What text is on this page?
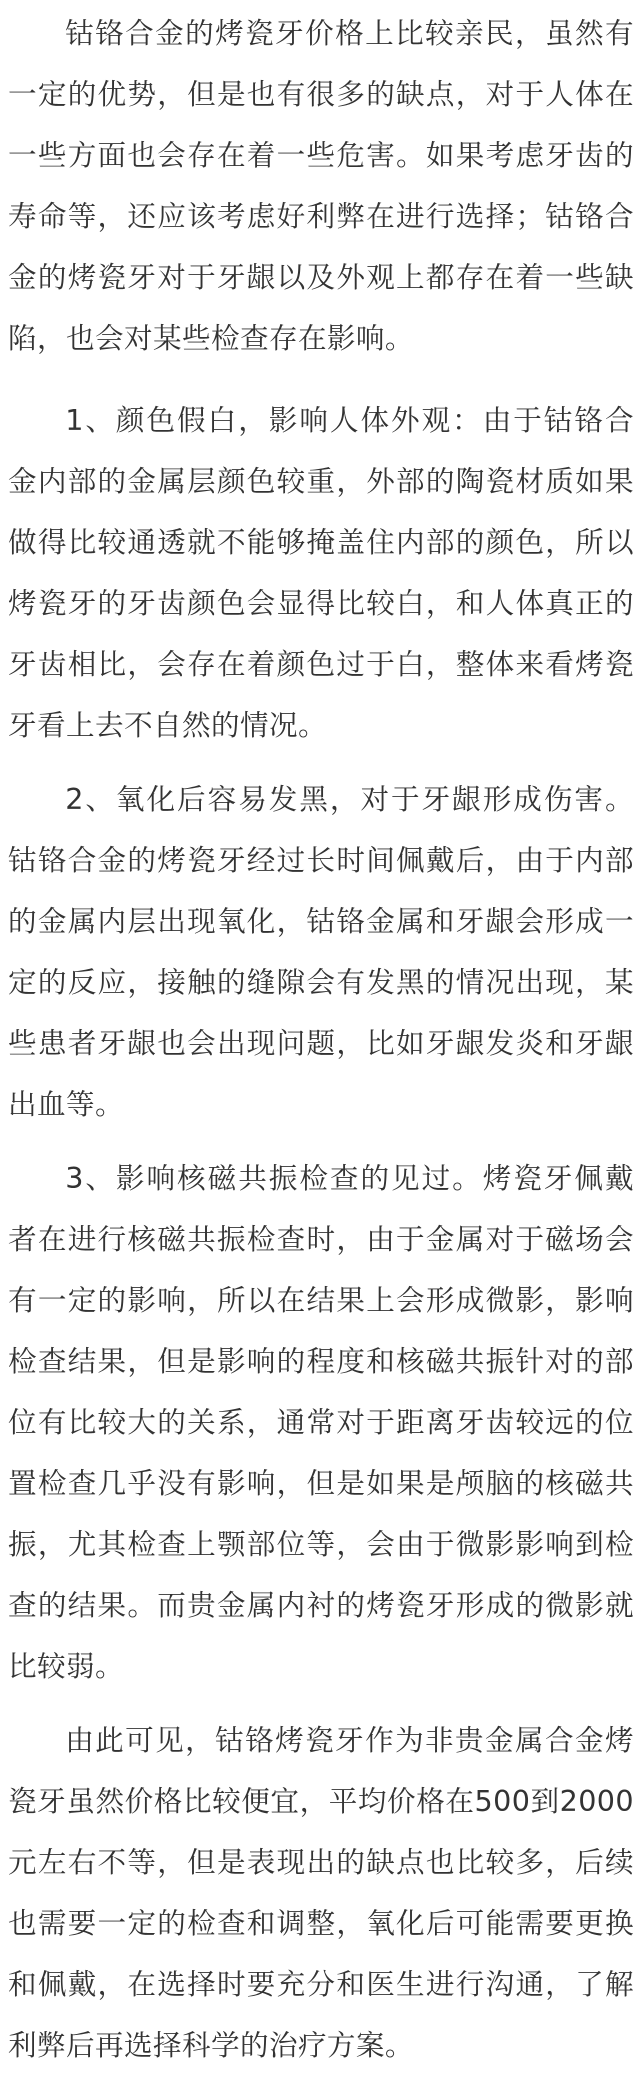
钴铬合金的烤瓷牙价格上比较亲民，虽然有一定的优势，但是也有很多的缺点，对于人体在一些方面也会存在着一些危害。如果考虑牙齿的寿命等，还应该考虑好利弊在进行选择；钴铬合金的烤瓷牙对于牙龈以及外观上都存在着一些缺陷，也会对某些检查存在影响。

1、颜色假白，影响人体外观：由于钴铬合金内部的金属层颜色较重，外部的陶瓷材质如果做得比较通透就不能够掩盖住内部的颜色，所以烤瓷牙的牙齿颜色会显得比较白，和人体真正的牙齿相比，会存在着颜色过于白，整体来看烤瓷牙看上去不自然的情况。

2、氧化后容易发黑，对于牙龈形成伤害。钴铬合金的烤瓷牙经过长时间佩戴后，由于内部的金属内层出现氧化，钴铬金属和牙龈会形成一定的反应，接触的缝隙会有发黑的情况出现，某些患者牙龈也会出现问题，比如牙龈发炎和牙龈出血等。

3、影响核磁共振检查的见过。烤瓷牙佩戴者在进行核磁共振检查时，由于金属对于磁场会有一定的影响，所以在结果上会形成微影，影响检查结果，但是影响的程度和核磁共振针对的部位有比较大的关系，通常对于距离牙齿较远的位置检查几乎没有影响，但是如果是颅脑的核磁共振，尤其检查上颚部位等，会由于微影影响到检查的结果。而贵金属内衬的烤瓷牙形成的微影就比较弱。

由此可见，钴铬烤瓷牙作为非贵金属合金烤瓷牙虽然价格比较便宜，平均价格在500到2000元左右不等，但是表现出的缺点也比较多，后续也需要一定的检查和调整，氧化后可能需要更换和佩戴，在选择时要充分和医生进行沟通，了解利弊后再选择科学的治疗方案。
